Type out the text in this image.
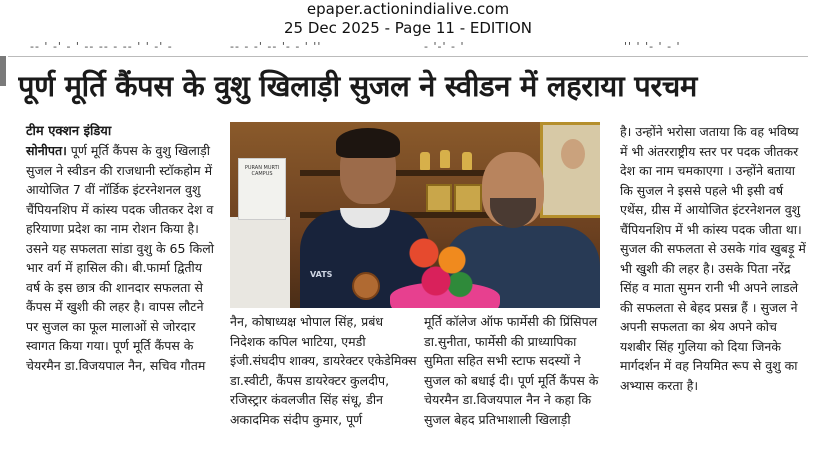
epaper.actionindialive.com
25 Dec 2025 - Page 11 - EDITION
-- ' -' - ' -- -- - -- ' ' -' -	-- - -' -- '- - ' ''	- '-' - '	'' ' '- ' - '
पूर्ण मूर्ति कैंपस के वुशु खिलाड़ी सुजल ने स्वीडन में लहराया परचम
टीम एक्शन इंडिया

सोनीपत। पूर्ण मूर्ति कैंपस के वुशु खिलाड़ी सुजल ने स्वीडन की राजधानी स्टॉकहोम में आयोजित 7 वीं नॉर्डिक इंटरनेशनल वुशु चैंपियनशिप में कांस्य पदक जीतकर देश व हरियाणा प्रदेश का नाम रोशन किया है। उसने यह सफलता सांडा वुशु के 65 किलो भार वर्ग में हासिल की। बी.फार्मा द्वितीय वर्ष के इस छात्र की शानदार सफलता से कैंपस में खुशी की लहर है। वापस लौटने पर सुजल का फूल मालाओं से जोरदार स्वागत किया गया। पूर्ण मूर्ति कैंपस के चेयरमैन डा.विजयपाल नैन, सचिव गौतम

PURAN MURTI CAMPUS
VATS

नैन, कोषाध्यक्ष भोपाल सिंह, प्रबंध निदेशक कपिल भाटिया, एमडी इंजी.संघदीप शाक्य, डायरेक्टर एकेडेमिक्स डा.स्वीटी, कैंपस डायरेक्टर कुलदीप, रजिस्ट्रार कंवलजीत सिंह संधू, डीन अकादमिक संदीप कुमार, पूर्ण

मूर्ति कॉलेज ऑफ फार्मेसी की प्रिंसिपल डा.सुनीता, फार्मेसी की प्राध्यापिका सुमिता सहित सभी स्टाफ सदस्यों ने सुजल को बधाई दी। पूर्ण मूर्ति कैंपस के चेयरमैन डा.विजयपाल नैन ने कहा कि सुजल बेहद प्रतिभाशाली खिलाड़ी

है। उन्होंने भरोसा जताया कि वह भविष्य में भी अंतरराष्ट्रीय स्तर पर पदक जीतकर देश का नाम चमकाएगा । उन्होंने बताया कि सुजल ने इससे पहले भी इसी वर्ष एथेंस, ग्रीस में आयोजित इंटरनेशनल वुशु चैंपियनशिप में भी कांस्य पदक जीता था। सुजल की सफलता से उसके गांव खुबड़ू में भी खुशी की लहर है। उसके पिता नरेंद्र सिंह व माता सुमन रानी भी अपने लाडले की सफलता से बेहद प्रसन्न हैं । सुजल ने अपनी सफलता का श्रेय अपने कोच यशबीर सिंह गुलिया को दिया जिनके मार्गदर्शन में वह नियमित रूप से वुशु का अभ्यास करता है।
